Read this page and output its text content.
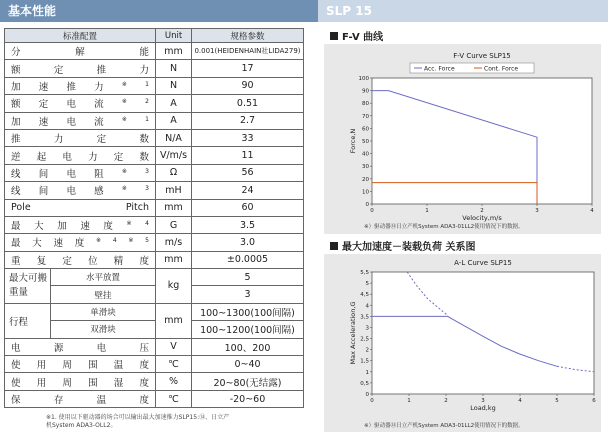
基本性能	SLP 15
标准配置		Unit	规格参数
分解能		mm	0.001(HEIDENHAIN社LIDA279)
额定推力		N	17
加速推力$^{※1}$		N	90
额定电流$^{※2}$		A	0.51
加速电流$^{※1}$		A	2.7
推力定数		N/A	33
逆起电力定数		V/m/s	11
线间电阻$^{※3}$		Ω	56
线间电感$^{※3}$		mH	24
Pole Pitch		mm	60
最大加速度$^{※4}$		G	3.5
最大速度$^{※4※5}$		m/s	3.0
重复定位精度		mm	±0.0005
最大可搬重量	水平放置	kg	5
	壁挂		3
行程	单滑块	mm	100~1300(100间隔)
	双滑块		100~1200(100间隔)
电源电压		V	100、200
使用周围温度		℃	0~40
使用周围湿度		%	20~80(无结露)
保存温度		℃	-20~60
※1. 使用以下驱动器的场合可以输出最大加速推力SLP15:⑭、日立产
机System ADA3-OLL2。
F-V 曲线
F-V Curve SLP15
0
10
20
30
40
50
60
70
80
90
100
0	1	2	3	4
Velocity,m/s
Force,N
Acc. Force	Cont. Force
※）驱动器⑭日立产机System ADA3-01LL2使用情况下的数据。
最大加速度－装载负荷 关系图
A-L Curve SLP15
0
0,5
1
1,5
2
2,5
3
3,5
4
4,5
5
5,5
0	1	2	3	4	5	6
Load,kg
Max Acceleration,G
※）驱动器⑭日立产机System ADA3-01LL2使用情况下的数据。
